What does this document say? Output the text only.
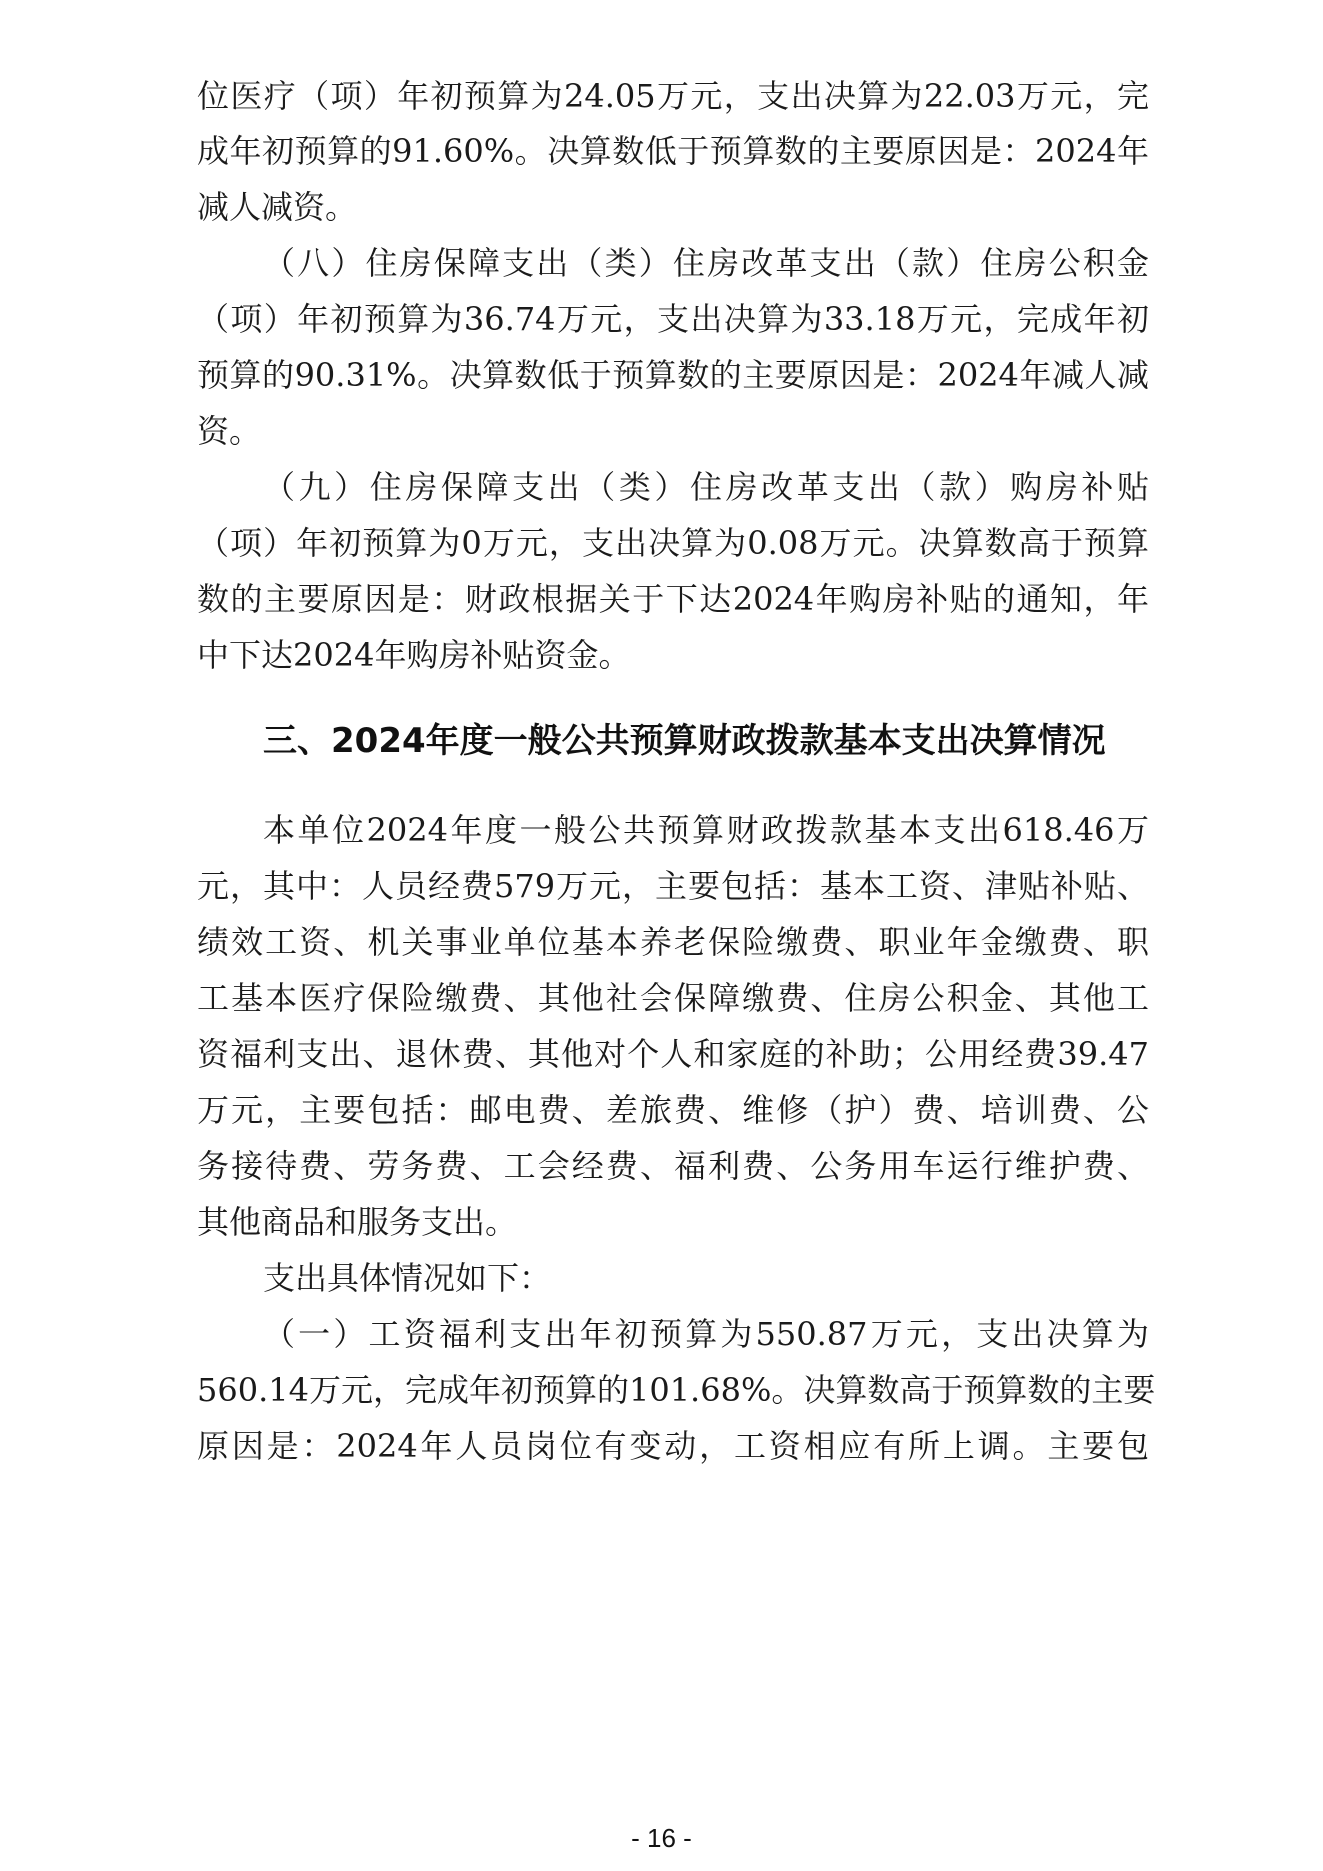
位医疗（项）年初预算为24.05万元，支出决算为22.03万元，完
成年初预算的91.60%。决算数低于预算数的主要原因是：2024年
减人减资。
（八）住房保障支出（类）住房改革支出（款）住房公积金
（项）年初预算为36.74万元，支出决算为33.18万元，完成年初
预算的90.31%。决算数低于预算数的主要原因是：2024年减人减
资。
（九）住房保障支出（类）住房改革支出（款）购房补贴
（项）年初预算为0万元，支出决算为0.08万元。决算数高于预算
数的主要原因是：财政根据关于下达2024年购房补贴的通知，年
中下达2024年购房补贴资金。
三、2024年度一般公共预算财政拨款基本支出决算情况
本单位2024年度一般公共预算财政拨款基本支出618.46万
元，其中：人员经费579万元，主要包括：基本工资、津贴补贴、
绩效工资、机关事业单位基本养老保险缴费、职业年金缴费、职
工基本医疗保险缴费、其他社会保障缴费、住房公积金、其他工
资福利支出、退休费、其他对个人和家庭的补助；公用经费39.47
万元，主要包括：邮电费、差旅费、维修（护）费、培训费、公
务接待费、劳务费、工会经费、福利费、公务用车运行维护费、
其他商品和服务支出。
支出具体情况如下：
（一）工资福利支出年初预算为550.87万元，支出决算为
560.14万元，完成年初预算的101.68%。决算数高于预算数的主要
原因是：2024年人员岗位有变动，工资相应有所上调。主要包
- 16 -
